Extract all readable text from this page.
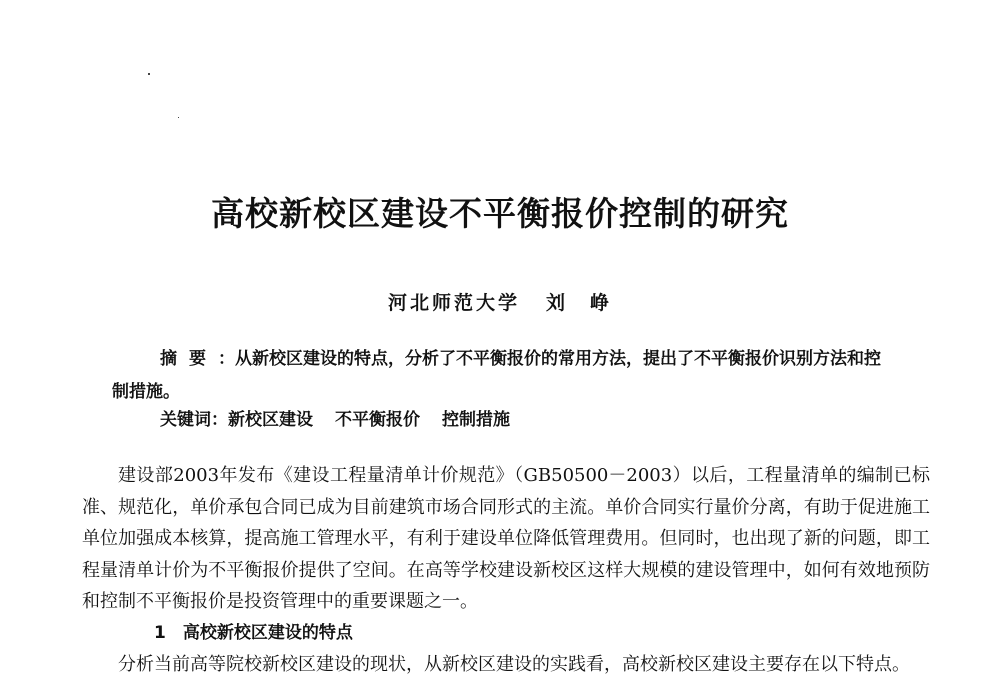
高校新校区建设不平衡报价控制的研究
河北师范大学 刘　峥
摘要：从新校区建设的特点，分析了不平衡报价的常用方法，提出了不平衡报价识别方法和控制措施。
关键词：新校区建设 不平衡报价 控制措施

建设部2003年发布《建设工程量清单计价规范》（GB50500－2003）以后，工程量清单的编制已标准、规范化，单价承包合同已成为目前建筑市场合同形式的主流。单价合同实行量价分离，有助于促进施工单位加强成本核算，提高施工管理水平，有利于建设单位降低管理费用。但同时，也出现了新的问题，即工程量清单计价为不平衡报价提供了空间。在高等学校建设新校区这样大规模的建设管理中，如何有效地预防和控制不平衡报价是投资管理中的重要课题之一。

1　高校新校区建设的特点

分析当前高等院校新校区建设的现状，从新校区建设的实践看，高校新校区建设主要存在以下特点。
